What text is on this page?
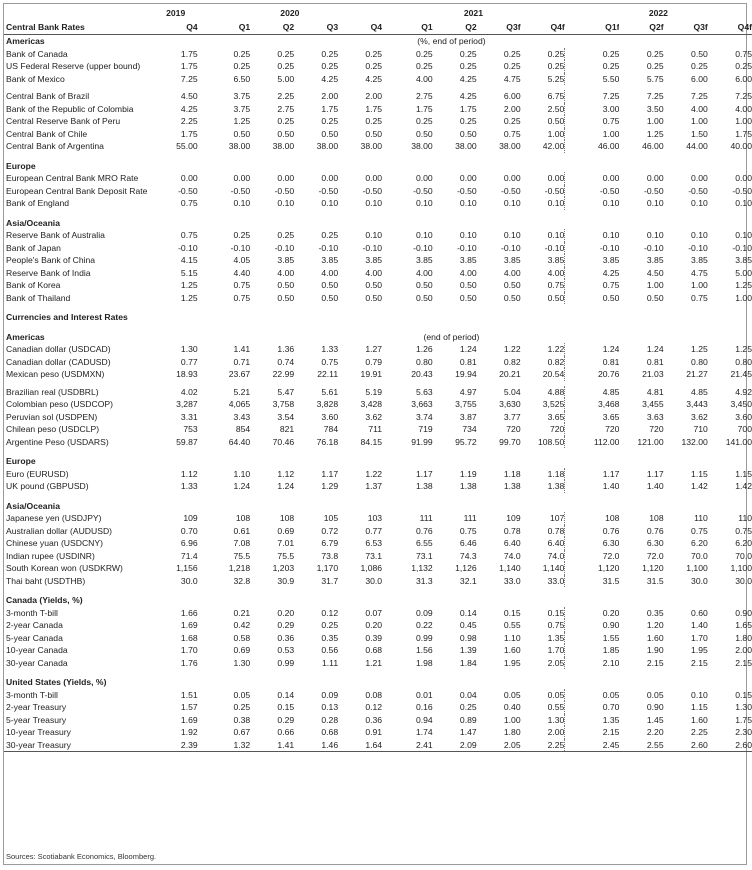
	2019	2020				2021				2022			
Central Bank Rates	Q4	Q1	Q2	Q3	Q4	Q1	Q2	Q3f	Q4f	Q1f	Q2f	Q3f	Q4f
Americas					(%, end of period)								
Bank of Canada	1.75	0.25	0.25	0.25	0.25	0.25	0.25	0.25	0.25	0.25	0.25	0.50	0.75
US Federal Reserve (upper bound)	1.75	0.25	0.25	0.25	0.25	0.25	0.25	0.25	0.25	0.25	0.25	0.25	0.25
Bank of Mexico	7.25	6.50	5.00	4.25	4.25	4.00	4.25	4.75	5.25	5.50	5.75	6.00	6.00

Central Bank of Brazil	4.50	3.75	2.25	2.00	2.00	2.75	4.25	6.00	6.75	7.25	7.25	7.25	7.25
Bank of the Republic of Colombia	4.25	3.75	2.75	1.75	1.75	1.75	1.75	2.00	2.50	3.00	3.50	4.00	4.00
Central Reserve Bank of Peru	2.25	1.25	0.25	0.25	0.25	0.25	0.25	0.25	0.50	0.75	1.00	1.00	1.00
Central Bank of Chile	1.75	0.50	0.50	0.50	0.50	0.50	0.50	0.75	1.00	1.00	1.25	1.50	1.75
Central Bank of Argentina	55.00	38.00	38.00	38.00	38.00	38.00	38.00	38.00	42.00	46.00	46.00	44.00	40.00

Europe													
European Central Bank MRO Rate	0.00	0.00	0.00	0.00	0.00	0.00	0.00	0.00	0.00	0.00	0.00	0.00	0.00
European Central Bank Deposit Rate	-0.50	-0.50	-0.50	-0.50	-0.50	-0.50	-0.50	-0.50	-0.50	-0.50	-0.50	-0.50	-0.50
Bank of England	0.75	0.10	0.10	0.10	0.10	0.10	0.10	0.10	0.10	0.10	0.10	0.10	0.10

Asia/Oceania													
Reserve Bank of Australia	0.75	0.25	0.25	0.25	0.10	0.10	0.10	0.10	0.10	0.10	0.10	0.10	0.10
Bank of Japan	-0.10	-0.10	-0.10	-0.10	-0.10	-0.10	-0.10	-0.10	-0.10	-0.10	-0.10	-0.10	-0.10
People's Bank of China	4.15	4.05	3.85	3.85	3.85	3.85	3.85	3.85	3.85	3.85	3.85	3.85	3.85
Reserve Bank of India	5.15	4.40	4.00	4.00	4.00	4.00	4.00	4.00	4.00	4.25	4.50	4.75	5.00
Bank of Korea	1.25	0.75	0.50	0.50	0.50	0.50	0.50	0.50	0.75	0.75	1.00	1.00	1.25
Bank of Thailand	1.25	0.75	0.50	0.50	0.50	0.50	0.50	0.50	0.50	0.50	0.50	0.75	1.00

Currencies and Interest Rates													

Americas					(end of period)								
Canadian dollar (USDCAD)	1.30	1.41	1.36	1.33	1.27	1.26	1.24	1.22	1.22	1.24	1.24	1.25	1.25
Canadian dollar (CADUSD)	0.77	0.71	0.74	0.75	0.79	0.80	0.81	0.82	0.82	0.81	0.81	0.80	0.80
Mexican peso (USDMXN)	18.93	23.67	22.99	22.11	19.91	20.43	19.94	20.21	20.54	20.76	21.03	21.27	21.45

Brazilian real (USDBRL)	4.02	5.21	5.47	5.61	5.19	5.63	4.97	5.04	4.88	4.85	4.81	4.85	4.92
Colombian peso (USDCOP)	3,287	4,065	3,758	3,828	3,428	3,663	3,755	3,630	3,525	3,468	3,455	3,443	3,450
Peruvian sol (USDPEN)	3.31	3.43	3.54	3.60	3.62	3.74	3.87	3.77	3.65	3.65	3.63	3.62	3.60
Chilean peso (USDCLP)	753	854	821	784	711	719	734	720	720	720	720	710	700
Argentine Peso (USDARS)	59.87	64.40	70.46	76.18	84.15	91.99	95.72	99.70	108.50	112.00	121.00	132.00	141.00

Europe													
Euro (EURUSD)	1.12	1.10	1.12	1.17	1.22	1.17	1.19	1.18	1.18	1.17	1.17	1.15	1.15
UK pound (GBPUSD)	1.33	1.24	1.24	1.29	1.37	1.38	1.38	1.38	1.38	1.40	1.40	1.42	1.42

Asia/Oceania													
Japanese yen (USDJPY)	109	108	108	105	103	111	111	109	107	108	108	110	110
Australian dollar (AUDUSD)	0.70	0.61	0.69	0.72	0.77	0.76	0.75	0.78	0.78	0.76	0.76	0.75	0.75
Chinese yuan (USDCNY)	6.96	7.08	7.01	6.79	6.53	6.55	6.46	6.40	6.40	6.30	6.30	6.20	6.20
Indian rupee (USDINR)	71.4	75.5	75.5	73.8	73.1	73.1	74.3	74.0	74.0	72.0	72.0	70.0	70.0
South Korean won (USDKRW)	1,156	1,218	1,203	1,170	1,086	1,132	1,126	1,140	1,140	1,120	1,120	1,100	1,100
Thai baht (USDTHB)	30.0	32.8	30.9	31.7	30.0	31.3	32.1	33.0	33.0	31.5	31.5	30.0	30.0

Canada (Yields, %)													
3-month T-bill	1.66	0.21	0.20	0.12	0.07	0.09	0.14	0.15	0.15	0.20	0.35	0.60	0.90
2-year Canada	1.69	0.42	0.29	0.25	0.20	0.22	0.45	0.55	0.75	0.90	1.20	1.40	1.65
5-year Canada	1.68	0.58	0.36	0.35	0.39	0.99	0.98	1.10	1.35	1.55	1.60	1.70	1.80
10-year Canada	1.70	0.69	0.53	0.56	0.68	1.56	1.39	1.60	1.70	1.85	1.90	1.95	2.00
30-year Canada	1.76	1.30	0.99	1.11	1.21	1.98	1.84	1.95	2.05	2.10	2.15	2.15	2.15

United States (Yields, %)													
3-month T-bill	1.51	0.05	0.14	0.09	0.08	0.01	0.04	0.05	0.05	0.05	0.05	0.10	0.15
2-year Treasury	1.57	0.25	0.15	0.13	0.12	0.16	0.25	0.40	0.55	0.70	0.90	1.15	1.30
5-year Treasury	1.69	0.38	0.29	0.28	0.36	0.94	0.89	1.00	1.30	1.35	1.45	1.60	1.75
10-year Treasury	1.92	0.67	0.66	0.68	0.91	1.74	1.47	1.80	2.00	2.15	2.20	2.25	2.30
30-year Treasury	2.39	1.32	1.41	1.46	1.64	2.41	2.09	2.05	2.25	2.45	2.55	2.60	2.60
Sources: Scotiabank Economics, Bloomberg.
